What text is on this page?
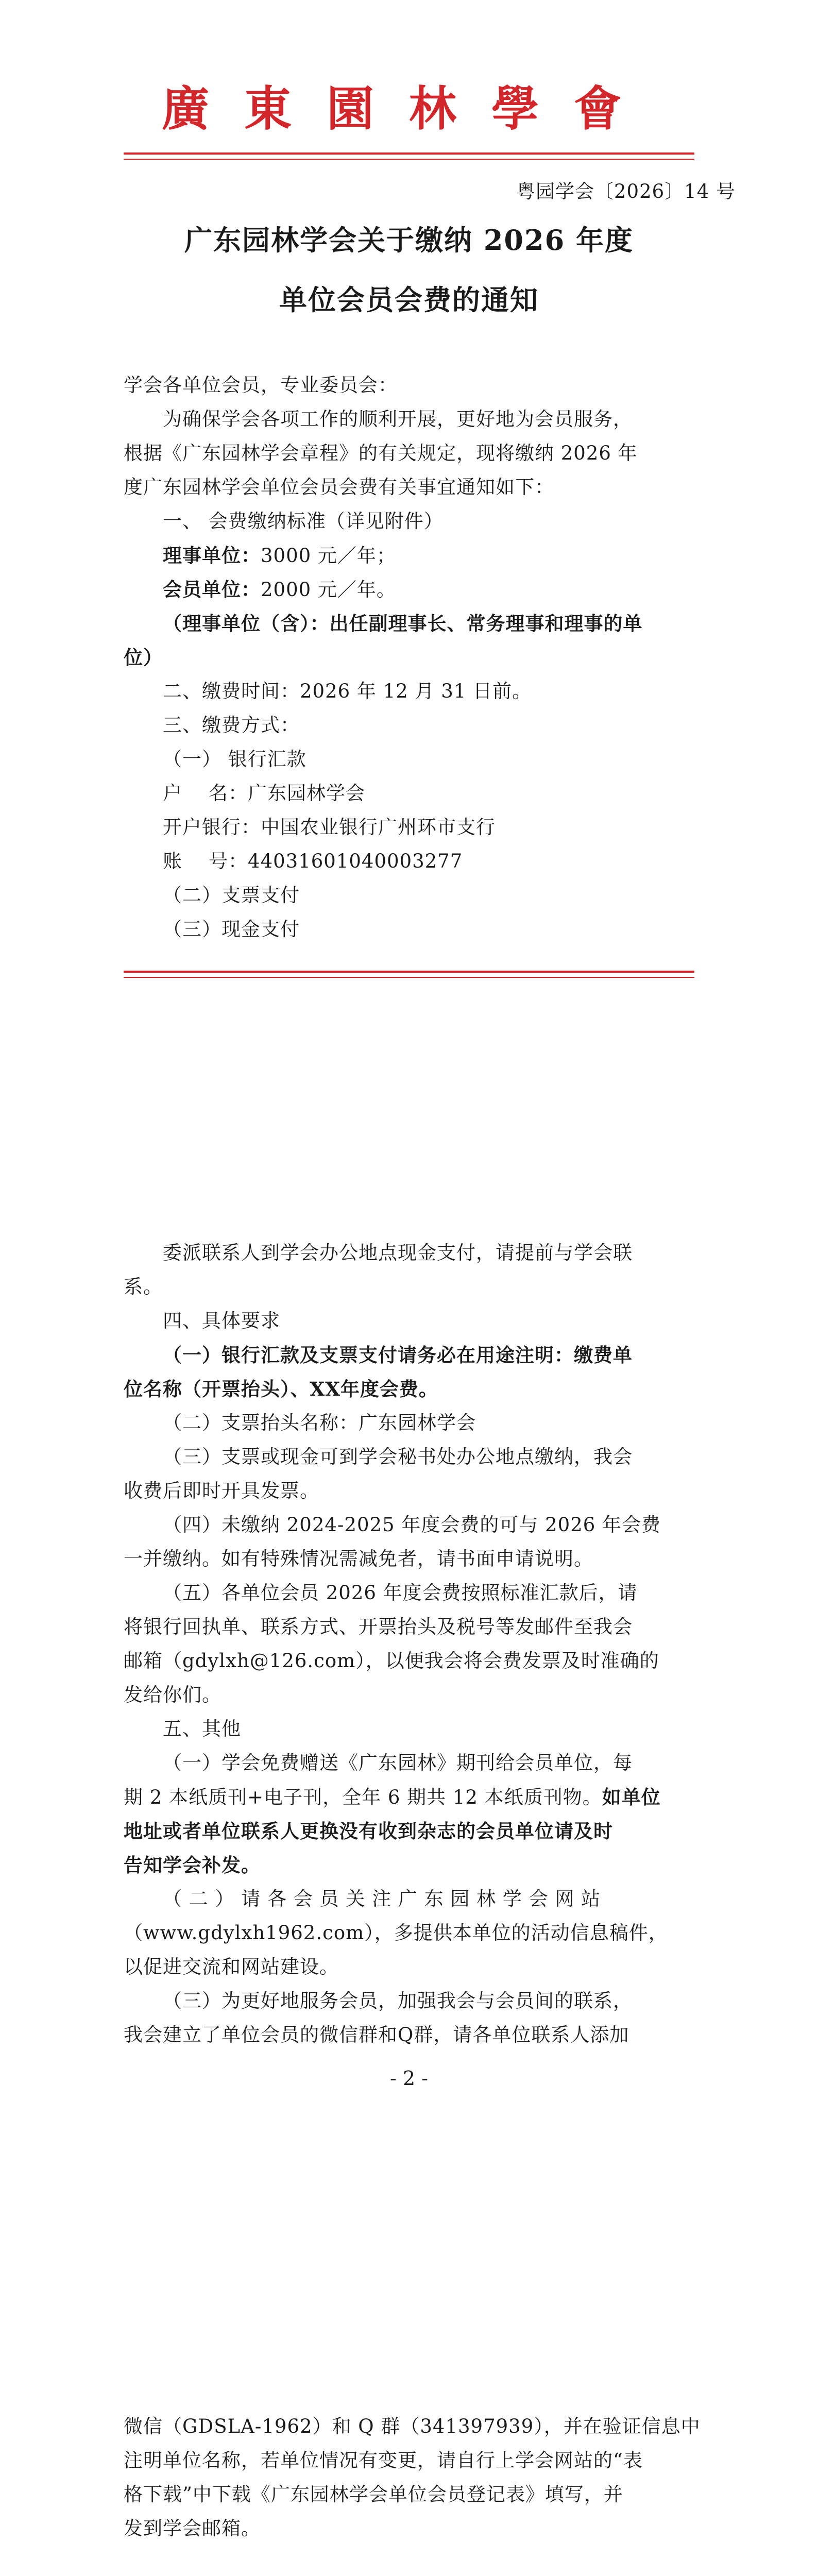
廣東園林學會
粤园学会〔2026〕14 号
广东园林学会关于缴纳 2026 年度
单位会员会费的通知
学会各单位会员，专业委员会：
为确保学会各项工作的顺利开展，更好地为会员服务，
根据《广东园林学会章程》的有关规定，现将缴纳 2026 年
度广东园林学会单位会员会费有关事宜通知如下：
一、 会费缴纳标准（详见附件）
理事单位：3000 元／年；
会员单位：2000 元／年。
（理事单位（含）：出任副理事长、常务理事和理事的单
位）
二、缴费时间：2026 年 12 月 31 日前。
三、缴费方式：
（一） 银行汇款
户    名：广东园林学会
开户银行：中国农业银行广州环市支行
账    号：44031601040003277
（二）支票支付
（三）现金支付
委派联系人到学会办公地点现金支付，请提前与学会联
系。
四、具体要求
（一）银行汇款及支票支付请务必在用途注明：缴费单
位名称（开票抬头）、XX年度会费。
（二）支票抬头名称：广东园林学会
（三）支票或现金可到学会秘书处办公地点缴纳，我会
收费后即时开具发票。
（四）未缴纳 2024-2025 年度会费的可与 2026 年会费
一并缴纳。如有特殊情况需减免者，请书面申请说明。
（五）各单位会员 2026 年度会费按照标准汇款后，请
将银行回执单、联系方式、开票抬头及税号等发邮件至我会
邮箱（gdylxh@126.com），以便我会将会费发票及时准确的
发给你们。
五、其他
（一）学会免费赠送《广东园林》期刊给会员单位，每
期 2 本纸质刊+电子刊，全年 6 期共 12 本纸质刊物。如单位
地址或者单位联系人更换没有收到杂志的会员单位请及时
告知学会补发。
（ 二 ） 请 各 会 员 关 注 广 东 园 林 学 会 网 站
（www.gdylxh1962.com），多提供本单位的活动信息稿件，
以促进交流和网站建设。
（三）为更好地服务会员，加强我会与会员间的联系，
我会建立了单位会员的微信群和Q群，请各单位联系人添加
- 2 -
微信（GDSLA-1962）和 Q 群（341397939），并在验证信息中
注明单位名称，若单位情况有变更，请自行上学会网站的“表
格下载”中下载《广东园林学会单位会员登记表》填写，并
发到学会邮箱。
